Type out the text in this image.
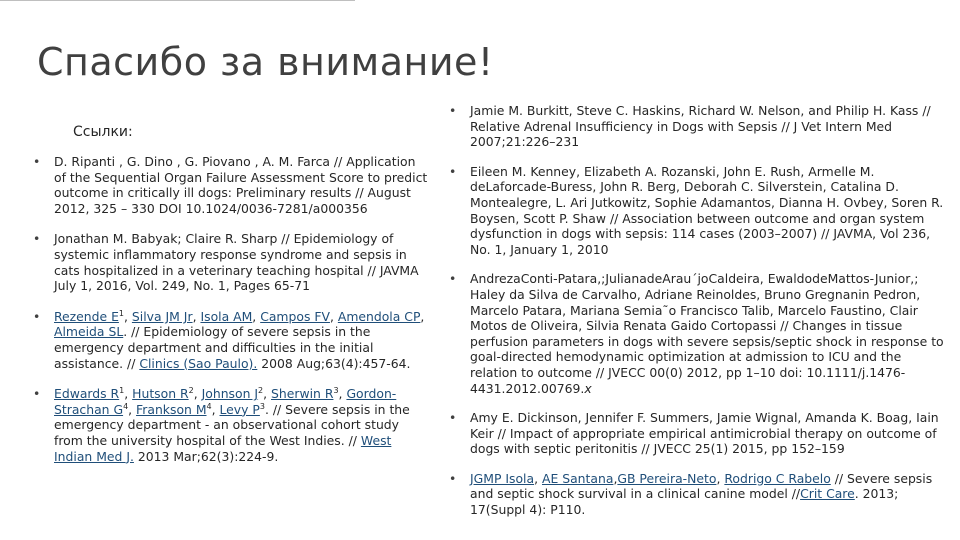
Спасибо за внимание!
Ссылки:
• D. Ripanti , G. Dino , G. Piovano , A. M. Farca // Application of the Sequential Organ Failure Assessment Score to predict outcome in critically ill dogs: Preliminary results // August 2012, 325 – 330 DOI 10.1024/0036-7281/a000356
• Jonathan M. Babyak; Claire R. Sharp // Epidemiology of systemic inflammatory response syndrome and sepsis in cats hospitalized in a veterinary teaching hospital // JAVMA July 1, 2016, Vol. 249, No. 1, Pages 65-71
• Rezende $E^1$, Silva JM Jr, Isola AM, Campos FV, Amendola CP, Almeida SL. // Epidemiology of severe sepsis in the emergency department and difficulties in the initial assistance. // Clinics (Sao Paulo). 2008 Aug;63(4):457-64.
• Edwards $R^1$, Hutson $R^2$, Johnson $J^2$, Sherwin $R^3$, Gordon-Strachan $G^4$, Frankson $M^4$, Levy $P^3$. // Severe sepsis in the emergency department - an observational cohort study from the university hospital of the West Indies. // West Indian Med J. 2013 Mar;62(3):224-9.
• Jamie M. Burkitt, Steve C. Haskins, Richard W. Nelson, and Philip H. Kass // Relative Adrenal Insufficiency in Dogs with Sepsis // J Vet Intern Med 2007;21:226–231
• Eileen M. Kenney, Elizabeth A. Rozanski, John E. Rush, Armelle M. deLaforcade-Buress, John R. Berg, Deborah C. Silverstein, Catalina D. Montealegre, L. Ari Jutkowitz, Sophie Adamantos, Dianna H. Ovbey, Soren R. Boysen, Scott P. Shaw // Association between outcome and organ system dysfunction in dogs with sepsis: 114 cases (2003–2007) // JAVMA, Vol 236, No. 1, January 1, 2010
• AndrezaConti-Patara,;JulianadeArau´joCaldeira, EwaldodeMattos-Junior,; Haley da Silva de Carvalho, Adriane Reinoldes, Bruno Gregnanin Pedron, Marcelo Patara, Mariana Semia˜o Francisco Talib, Marcelo Faustino, Clair Motos de Oliveira, Silvia Renata Gaido Cortopassi // Changes in tissue perfusion parameters in dogs with severe sepsis/septic shock in response to goal-directed hemodynamic optimization at admission to ICU and the relation to outcome // JVECC 00(0) 2012, pp 1–10 doi: 10.1111/j.1476-4431.2012.00769.x
• Amy E. Dickinson, Jennifer F. Summers, Jamie Wignal, Amanda K. Boag, Iain Keir // Impact of appropriate empirical antimicrobial therapy on outcome of dogs with septic peritonitis // JVECC 25(1) 2015, pp 152–159
• JGMP Isola, AE Santana,GB Pereira-Neto, Rodrigo C Rabelo // Severe sepsis and septic shock survival in a clinical canine model //Crit Care. 2013; 17(Suppl 4): P110.
